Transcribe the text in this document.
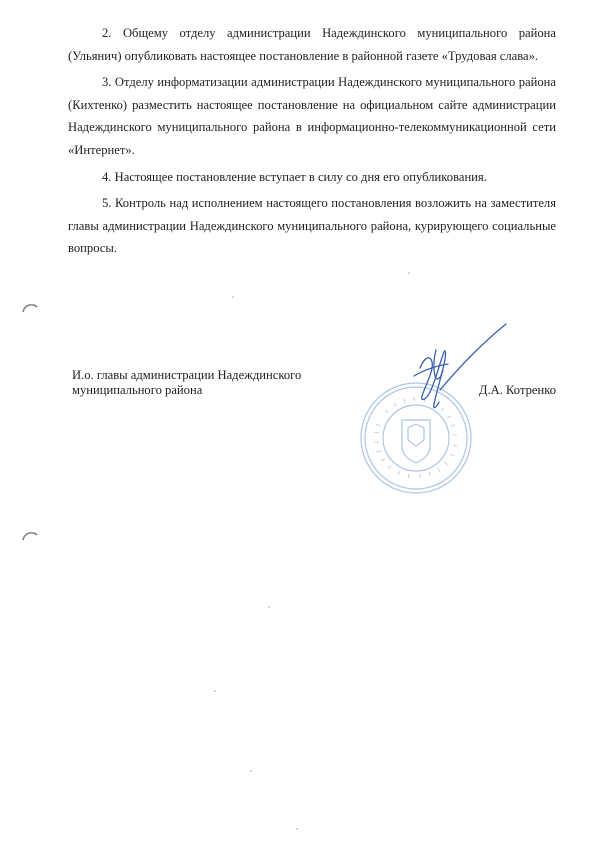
2. Общему отделу администрации Надеждинского муниципального района (Ульянич) опубликовать настоящее постановление в районной газете «Трудовая слава».

3. Отделу информатизации администрации Надеждинского муниципального района (Кихтенко) разместить настоящее постановление на официальном сайте администрации Надеждинского муниципального района в информационно-телекоммуникационной сети «Интернет».

4. Настоящее постановление вступает в силу со дня его опубликования.

5. Контроль над исполнением настоящего постановления возложить на заместителя главы администрации Надеждинского муниципального района, курирующего социальные вопросы.

И.о. главы администрации Надеждинского
муниципального района	Д.А. Котренко
